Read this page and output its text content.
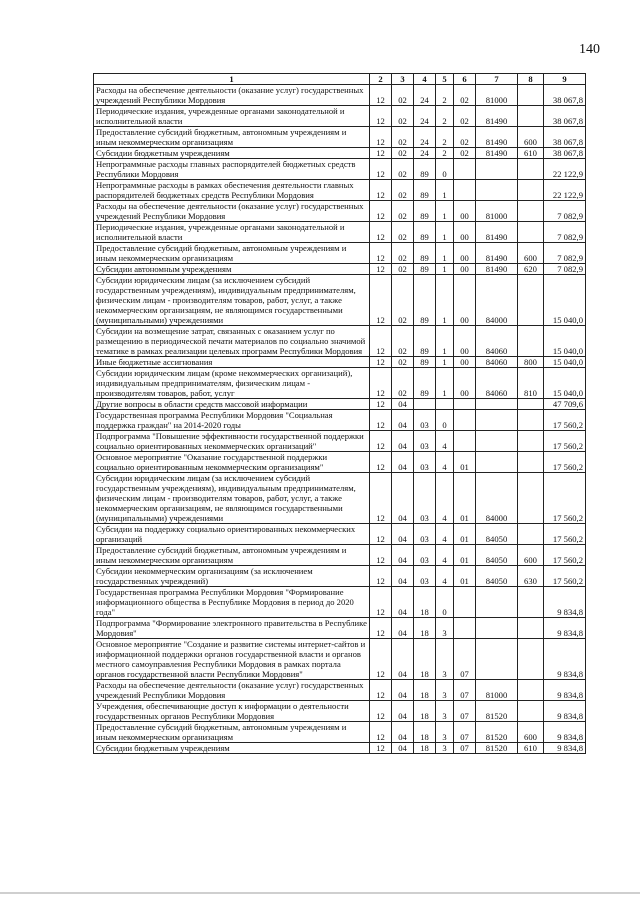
140
1	2	3	4	5	6	7	8	9
Расходы на обеспечение деятельности (оказание услуг) государственных учреждений Республики Мордовия	12	02	24	2	02	81000		38 067,8
Периодические издания, учрежденные органами законодательной и исполнительной власти	12	02	24	2	02	81490		38 067,8
Предоставление субсидий бюджетным, автономным учреждениям и иным некоммерческим организациям	12	02	24	2	02	81490	600	38 067,8
Субсидии бюджетным учреждениям	12	02	24	2	02	81490	610	38 067,8
Непрограммные расходы главных распорядителей бюджетных средств Республики Мордовия	12	02	89	0				22 122,9
Непрограммные расходы в рамках обеспечения деятельности главных распорядителей бюджетных средств Республики Мордовия	12	02	89	1				22 122,9
Расходы на обеспечение деятельности (оказание услуг) государственных учреждений Республики Мордовия	12	02	89	1	00	81000		7 082,9
Периодические издания, учрежденные органами законодательной и исполнительной власти	12	02	89	1	00	81490		7 082,9
Предоставление субсидий бюджетным, автономным учреждениям и иным некоммерческим организациям	12	02	89	1	00	81490	600	7 082,9
Субсидии автономным учреждениям	12	02	89	1	00	81490	620	7 082,9
Субсидии юридическим лицам (за исключением субсидий государственным учреждениям), индивидуальным предпринимателям, физическим лицам - производителям товаров, работ, услуг, а также некоммерческим организациям, не являющимся государственными (муниципальными) учреждениями	12	02	89	1	00	84000		15 040,0
Субсидии на возмещение затрат, связанных с оказанием услуг по размещению в периодической печати материалов по социально значимой тематике в рамках реализации целевых программ Республики Мордовия	12	02	89	1	00	84060		15 040,0
Иные бюджетные ассигнования	12	02	89	1	00	84060	800	15 040,0
Субсидии юридическим лицам (кроме некоммерческих организаций), индивидуальным предпринимателям, физическим лицам - производителям товаров, работ, услуг	12	02	89	1	00	84060	810	15 040,0
Другие вопросы в области средств массовой информации	12	04						47 709,6
Государственная программа Республики Мордовия "Социальная поддержка граждан" на 2014-2020 годы	12	04	03	0				17 560,2
Подпрограмма "Повышение эффективности государственной поддержки социально ориентированных некоммерческих организаций"	12	04	03	4				17 560,2
Основное мероприятие "Оказание государственной поддержки социально ориентированным некоммерческим организациям"	12	04	03	4	01			17 560,2
Субсидии юридическим лицам (за исключением субсидий государственным учреждениям), индивидуальным предпринимателям, физическим лицам - производителям товаров, работ, услуг, а также некоммерческим организациям, не являющимся государственными (муниципальными) учреждениями	12	04	03	4	01	84000		17 560,2
Субсидии на поддержку социально ориентированных некоммерческих организаций	12	04	03	4	01	84050		17 560,2
Предоставление субсидий бюджетным, автономным учреждениям и иным некоммерческим организациям	12	04	03	4	01	84050	600	17 560,2
Субсидии некоммерческим организациям (за исключением государственных учреждений)	12	04	03	4	01	84050	630	17 560,2
Государственная программа Республики Мордовия "Формирование информационного общества в Республике Мордовия в период до 2020 года"	12	04	18	0				9 834,8
Подпрограмма "Формирование электронного правительства в Республике Мордовия"	12	04	18	3				9 834,8
Основное мероприятие "Создание и развитие системы интернет-сайтов и информационной поддержки органов государственной власти и органов местного самоуправления Республики Мордовия в рамках портала органов государственной власти Республики Мордовия"	12	04	18	3	07			9 834,8
Расходы на обеспечение деятельности (оказание услуг) государственных учреждений Республики Мордовия	12	04	18	3	07	81000		9 834,8
Учреждения, обеспечивающие доступ к информации о деятельности государственных органов Республики Мордовия	12	04	18	3	07	81520		9 834,8
Предоставление субсидий бюджетным, автономным учреждениям и иным некоммерческим организациям	12	04	18	3	07	81520	600	9 834,8
Субсидии бюджетным учреждениям	12	04	18	3	07	81520	610	9 834,8
